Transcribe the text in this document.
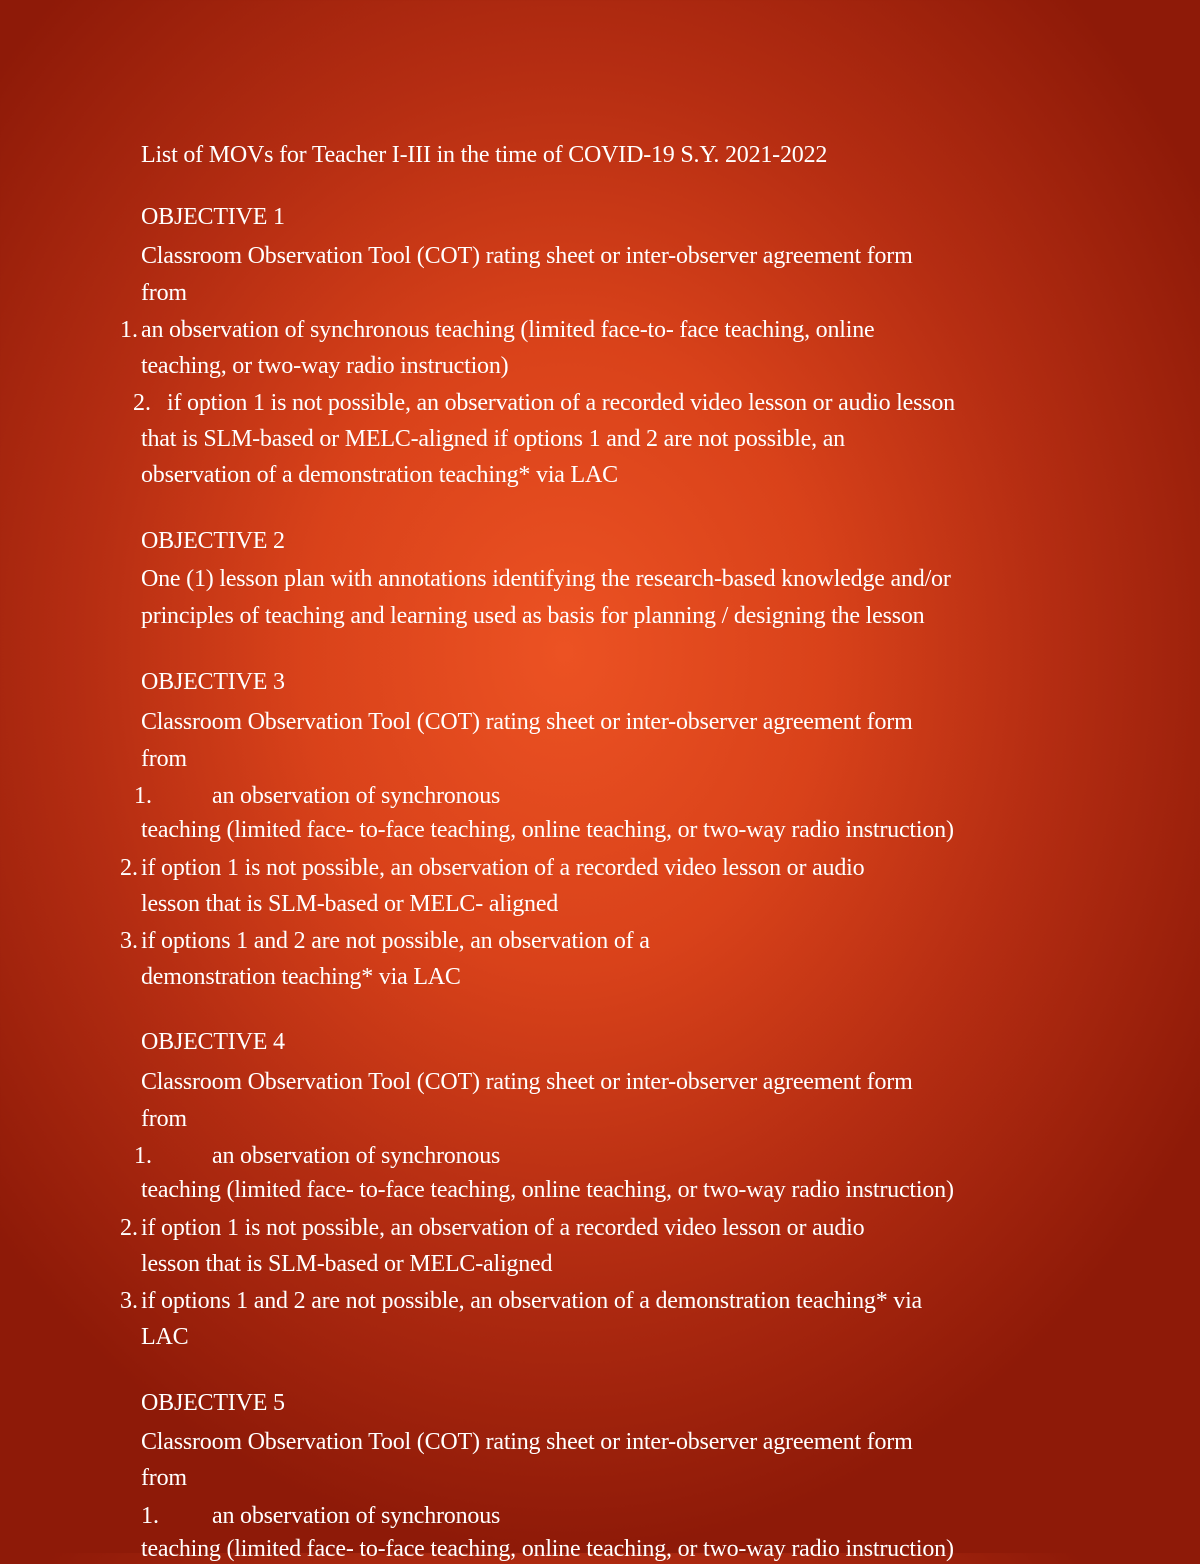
List of MOVs for Teacher I-III in the time of COVID-19 S.Y. 2021-2022
OBJECTIVE 1
Classroom Observation Tool (COT) rating sheet or inter-observer agreement form
from
1. an observation of synchronous teaching (limited face-to- face teaching, online
teaching, or two-way radio instruction)
2. if option 1 is not possible, an observation of a recorded video lesson or audio lesson
that is SLM-based or MELC-aligned if options 1 and 2 are not possible, an
observation of a demonstration teaching* via LAC
OBJECTIVE 2
One (1) lesson plan with annotations identifying the research-based knowledge and/or
principles of teaching and learning used as basis for planning / designing the lesson
OBJECTIVE 3
Classroom Observation Tool (COT) rating sheet or inter-observer agreement form
from
1.	an observation of synchronous
teaching (limited face- to-face teaching, online teaching, or two-way radio instruction)
2. if option 1 is not possible, an observation of a recorded video lesson or audio
lesson that is SLM-based or MELC- aligned
3. if options 1 and 2 are not possible, an observation of a
demonstration teaching* via LAC
OBJECTIVE 4
Classroom Observation Tool (COT) rating sheet or inter-observer agreement form
from
1.	an observation of synchronous
teaching (limited face- to-face teaching, online teaching, or two-way radio instruction)
2. if option 1 is not possible, an observation of a recorded video lesson or audio
lesson that is SLM-based or MELC-aligned
3. if options 1 and 2 are not possible, an observation of a demonstration teaching* via
LAC
OBJECTIVE 5
Classroom Observation Tool (COT) rating sheet or inter-observer agreement form
from
1. an observation of synchronous
teaching (limited face- to-face teaching, online teaching, or two-way radio instruction)
